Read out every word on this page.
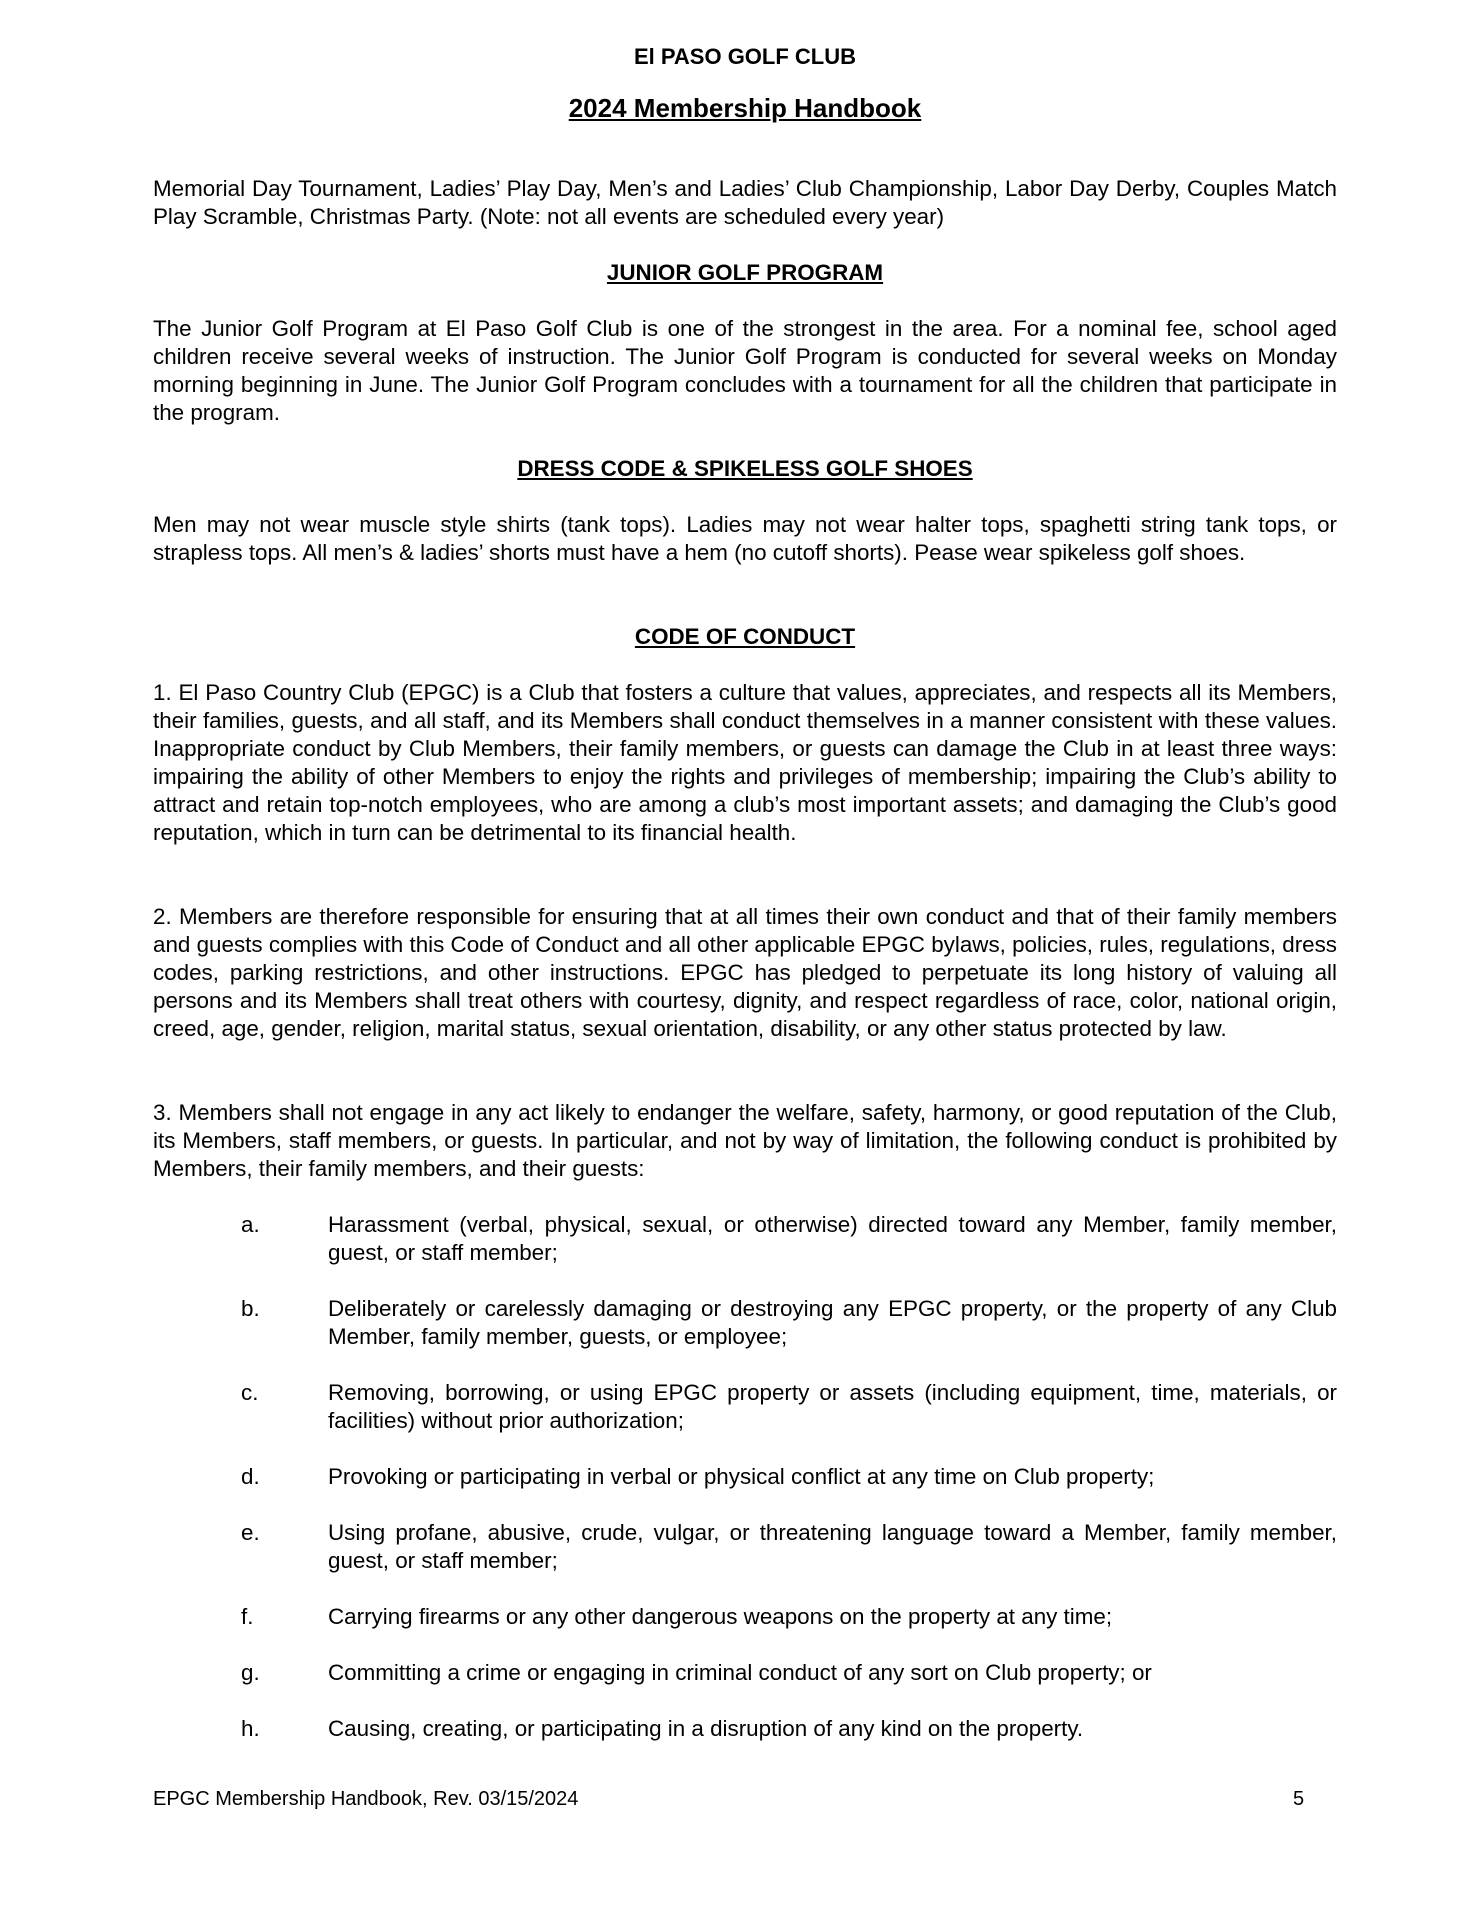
El PASO GOLF CLUB
2024 Membership Handbook

Memorial Day Tournament, Ladies’ Play Day, Men’s and Ladies’ Club Championship, Labor Day Derby, Couples Match Play Scramble, Christmas Party. (Note: not all events are scheduled every year)

JUNIOR GOLF PROGRAM

The Junior Golf Program at El Paso Golf Club is one of the strongest in the area. For a nominal fee, school aged children receive several weeks of instruction. The Junior Golf Program is conducted for several weeks on Monday morning beginning in June. The Junior Golf Program concludes with a tournament for all the children that participate in the program.

DRESS CODE & SPIKELESS GOLF SHOES

Men may not wear muscle style shirts (tank tops). Ladies may not wear halter tops, spaghetti string tank tops, or strapless tops. All men’s & ladies’ shorts must have a hem (no cutoff shorts). Pease wear spikeless golf shoes.

CODE OF CONDUCT

1. El Paso Country Club (EPGC) is a Club that fosters a culture that values, appreciates, and respects all its Members, their families, guests, and all staff, and its Members shall conduct themselves in a manner consistent with these values. Inappropriate conduct by Club Members, their family members, or guests can damage the Club in at least three ways: impairing the ability of other Members to enjoy the rights and privileges of membership; impairing the Club’s ability to attract and retain top-notch employees, who are among a club’s most important assets; and damaging the Club’s good reputation, which in turn can be detrimental to its financial health.

2. Members are therefore responsible for ensuring that at all times their own conduct and that of their family members and guests complies with this Code of Conduct and all other applicable EPGC bylaws, policies, rules, regulations, dress codes, parking restrictions, and other instructions. EPGC has pledged to perpetuate its long history of valuing all persons and its Members shall treat others with courtesy, dignity, and respect regardless of race, color, national origin, creed, age, gender, religion, marital status, sexual orientation, disability, or any other status protected by law.

3. Members shall not engage in any act likely to endanger the welfare, safety, harmony, or good reputation of the Club, its Members, staff members, or guests. In particular, and not by way of limitation, the following conduct is prohibited by Members, their family members, and their guests:

a.	Harassment (verbal, physical, sexual, or otherwise) directed toward any Member, family member, guest, or staff member;
b.	Deliberately or carelessly damaging or destroying any EPGC property, or the property of any Club Member, family member, guests, or employee;
c.	Removing, borrowing, or using EPGC property or assets (including equipment, time, materials, or facilities) without prior authorization;
d.	Provoking or participating in verbal or physical conflict at any time on Club property;
e.	Using profane, abusive, crude, vulgar, or threatening language toward a Member, family member, guest, or staff member;
f.	Carrying firearms or any other dangerous weapons on the property at any time;
g.	Committing a crime or engaging in criminal conduct of any sort on Club property; or
h.	Causing, creating, or participating in a disruption of any kind on the property.
EPGC Membership Handbook, Rev. 03/15/2024	5
